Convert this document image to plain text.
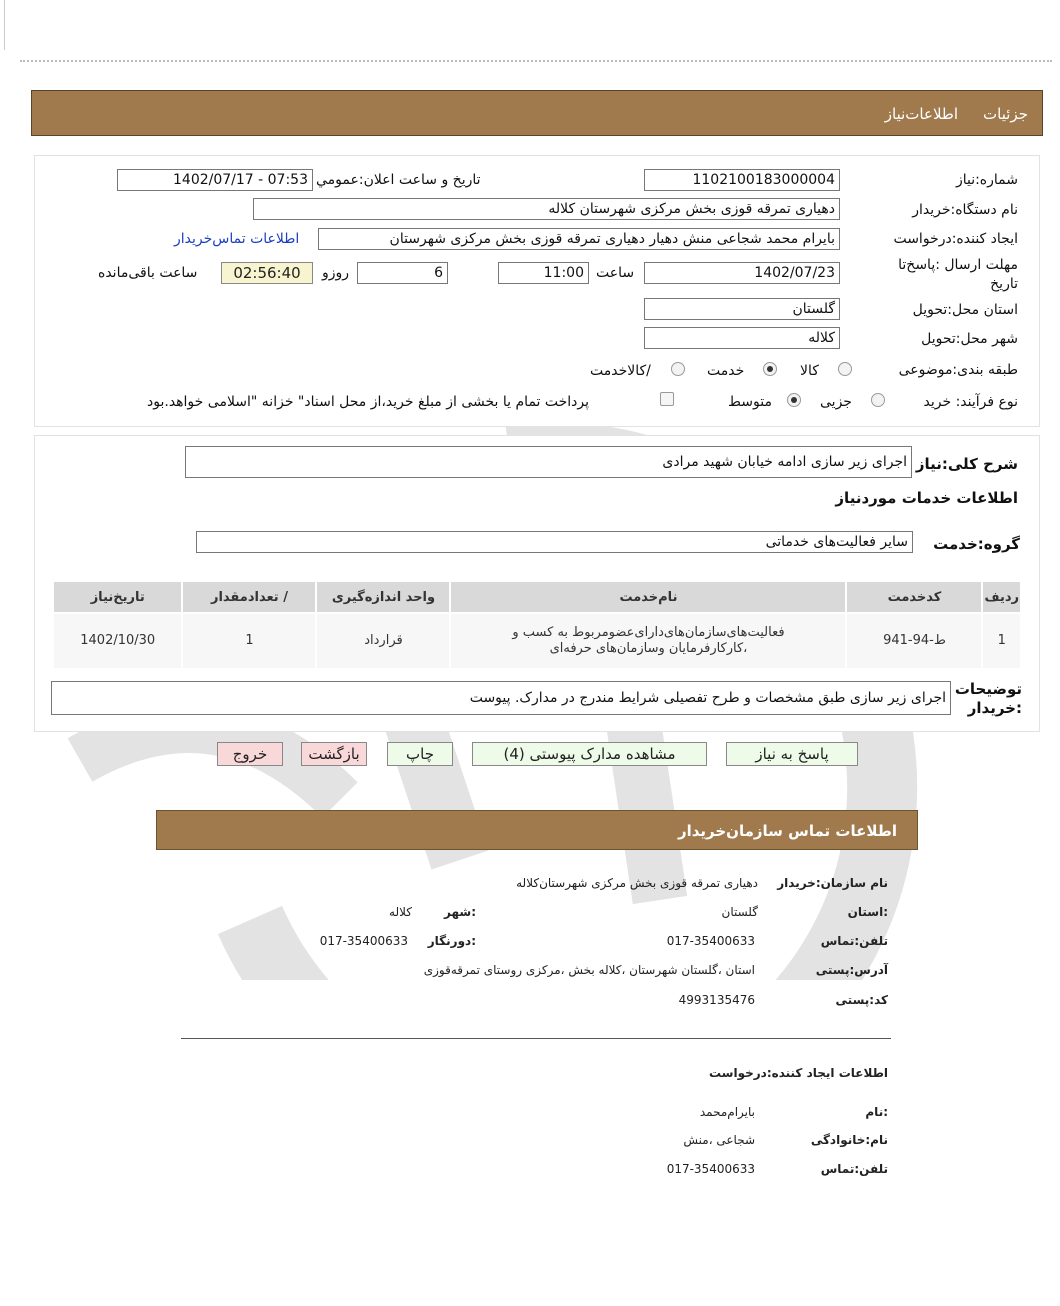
جزئیات
اطلاعات‌نیاز
شماره:نیاز
1102100183000004
تاریخ و ساعت اعلان:عمومي
1402/07/17 - 07:53
نام دستگاه:خریدار
دهیاری تمرقه قوزی بخش مرکزی شهرستان کلاله
ایجاد کننده:درخواست
بایرام محمد شجاعی منش دهیار دهیاری تمرقه قوزی بخش مرکزی شهرستان
اطلاعات تماس‌خریدار
مهلت ارسال :پاسخ‌تا تاریخ
1402/07/23
ساعت
11:00
6
روزو
02:56:40
ساعت باقی‌مانده
استان محل:تحویل
گلستان
شهر محل:تحویل
کلاله
طبقه بندی:موضوعی
کالا
خدمت
/کالاخدمت
نوع فرآیند: خرید
جزیی
متوسط
پرداخت تمام یا بخشی از مبلغ خرید،از محل اسناد" خزانه "اسلامی خواهد.بود
شرح کلی:نیاز
اجرای زیر سازی ادامه خیابان شهید مرادی
اطلاعات خدمات موردنیاز
گروه:خدمت
سایر فعالیت‌های خدماتی
ردیف	کدخدمت	نام‌خدمت	واحد اندازه‌گیری	/ تعدادمقدار	تاریخ‌نیاز
1	ط-94-941	فعالیت‌های‌سازمان‌های‌دارای‌عضو‌مربوط به کسب و ،کار‌کارفرمایان وسازمان‌های حرفه‌ای	قرارداد	1	1402/10/30
توضیحات :خریدار
اجرای زیر سازی طبق مشخصات و طرح تفصیلی شرایط مندرج در مدارک. پیوست
پاسخ به نیاز
مشاهده مدارک پیوستی (4)
چاپ
بازگشت
خروج
اطلاعات تماس سازمان‌خریدار
نام سازمان:خریدار
دهیاری تمرقه قوزی بخش مرکزی شهرستان‌کلاله
:استان
گلستان
:شهر
کلاله
تلفن:تماس
017-35400633
:دورنگار
017-35400633
آدرس:پستی
استان ،گلستان شهرستان ،کلاله بخش ،مرکزی روستای تمرقه‌قوزی
کد:پستی
4993135476
اطلاعات ایجاد کننده:درخواست
:نام
بایرام‌محمد
نام:خانوادگی
شجاعی ،منش
تلفن:تماس
017-35400633
